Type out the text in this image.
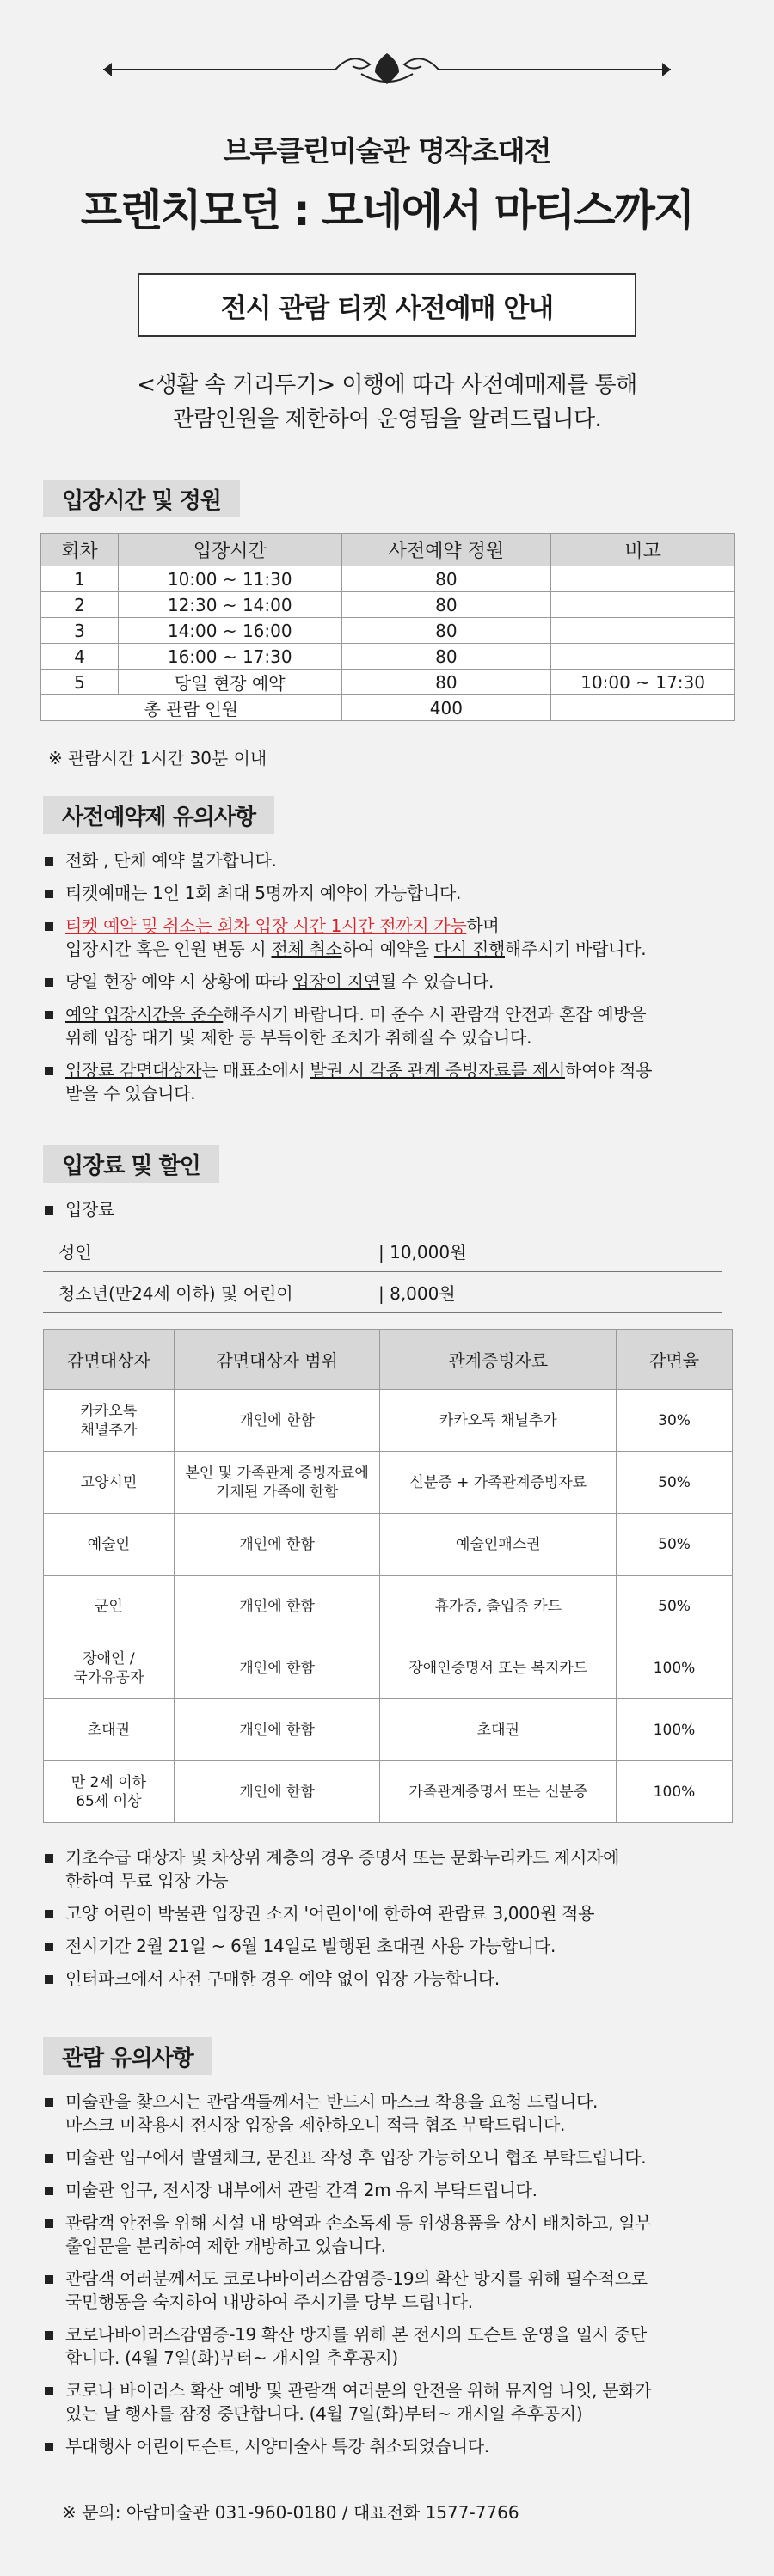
브루클린미술관 명작초대전
프렌치모던 : 모네에서 마티스까지
전시 관람 티켓 사전예매 안내
<생활 속 거리두기> 이행에 따라 사전예매제를 통해
관람인원을 제한하여 운영됨을 알려드립니다.
입장시간 및 정원
회차	입장시간	사전예약 정원	비고
1	10:00 ~ 11:30	80	
2	12:30 ~ 14:00	80	
3	14:00 ~ 16:00	80	
4	16:00 ~ 17:30	80	
5	당일 현장 예약	80	10:00 ~ 17:30
총 관람 인원		400	
※ 관람시간 1시간 30분 이내
사전예약제 유의사항
전화 , 단체 예약 불가합니다.
티켓예매는 1인 1회 최대 5명까지 예약이 가능합니다.
티켓 예약 및 취소는 회차 입장 시간 1시간 전까지 가능하며
입장시간 혹은 인원 변동 시 전체 취소하여 예약을 다시 진행해주시기 바랍니다.
당일 현장 예약 시 상황에 따라 입장이 지연될 수 있습니다.
예약 입장시간을 준수해주시기 바랍니다. 미 준수 시 관람객 안전과 혼잡 예방을
위해 입장 대기 및 제한 등 부득이한 조치가 취해질 수 있습니다.
입장료 감면대상자는 매표소에서 발권 시 각종 관계 증빙자료를 제시하여야 적용
받을 수 있습니다.
입장료 및 할인
입장료
성인	| 10,000원
청소년(만24세 이하) 및 어린이	| 8,000원
감면대상자	감면대상자 범위	관계증빙자료	감면율
카카오톡
채널추가	개인에 한함	카카오톡 채널추가	30%
고양시민	본인 및 가족관계 증빙자료에
기재된 가족에 한함	신분증 + 가족관계증빙자료	50%
예술인	개인에 한함	예술인패스권	50%
군인	개인에 한함	휴가증, 출입증 카드	50%
장애인 /
국가유공자	개인에 한함	장애인증명서 또는 복지카드	100%
초대권	개인에 한함	초대권	100%
만 2세 이하
65세 이상	개인에 한함	가족관계증명서 또는 신분증	100%
기초수급 대상자 및 차상위 계층의 경우 증명서 또는 문화누리카드 제시자에
한하여 무료 입장 가능
고양 어린이 박물관 입장권 소지 '어린이'에 한하여 관람료 3,000원 적용
전시기간 2월 21일 ~ 6월 14일로 발행된 초대권 사용 가능합니다.
인터파크에서 사전 구매한 경우 예약 없이 입장 가능합니다.
관람 유의사항
미술관을 찾으시는 관람객들께서는 반드시 마스크 착용을 요청 드립니다.
마스크 미착용시 전시장 입장을 제한하오니 적극 협조 부탁드립니다.
미술관 입구에서 발열체크, 문진표 작성 후 입장 가능하오니 협조 부탁드립니다.
미술관 입구, 전시장 내부에서 관람 간격 2m 유지 부탁드립니다.
관람객 안전을 위해 시설 내 방역과 손소독제 등 위생용품을 상시 배치하고, 일부
출입문을 분리하여 제한 개방하고 있습니다.
관람객 여러분께서도 코로나바이러스감염증-19의 확산 방지를 위해 필수적으로
국민행동을 숙지하여 내방하여 주시기를 당부 드립니다.
코로나바이러스감염증-19 확산 방지를 위해 본 전시의 도슨트 운영을 일시 중단
합니다. (4월 7일(화)부터~ 개시일 추후공지)
코로나 바이러스 확산 예방 및 관람객 여러분의 안전을 위해 뮤지엄 나잇, 문화가
있는 날 행사를 잠정 중단합니다. (4월 7일(화)부터~ 개시일 추후공지)
부대행사 어린이도슨트, 서양미술사 특강 취소되었습니다.
※ 문의: 아람미술관 031-960-0180 / 대표전화 1577-7766
